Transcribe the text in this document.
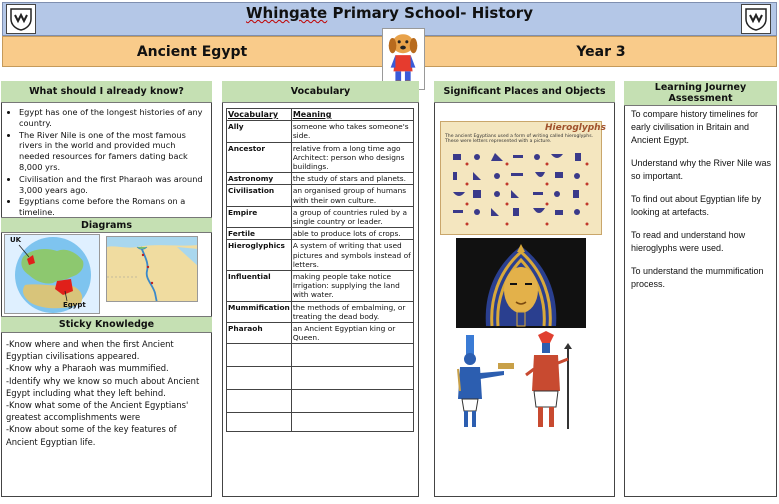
Whingate Primary School- History
Ancient Egypt	Year 3
What should I already know?
• Egypt has one of the longest histories of any country.
• The River Nile is one of the most famous rivers in the world and provided much needed resources for famers dating back 8,000 yrs.
• Civilisation and the first Pharaoh was around 3,000 years ago.
• Egyptians come before the Romans on a timeline.
Diagrams
UK
Egypt
Sticky Knowledge
-Know where and when the first Ancient Egyptian civilisations appeared.
-Know why a Pharaoh was mummified.
-Identify why we know so much about Ancient Egypt including what they left behind.
-Know what some of the Ancient Egyptians' greatest accomplishments were
-Know about some of the key features of Ancient Egyptian life.
Vocabulary
Vocabulary	Meaning
Ally	someone who takes someone's side.
Ancestor	relative from a long time ago Architect: person who designs buildings.
Astronomy	the study of stars and planets.
Civilisation	an organised group of humans with their own culture.
Empire	a group of countries ruled by a single country or leader.
Fertile	able to produce lots of crops.
Hieroglyphics	A system of writing that used pictures and symbols instead of letters.
Influential	making people take notice Irrigation: supplying the land with water.
Mummification	the methods of embalming, or treating the dead body.
Pharaoh	an Ancient Egyptian king or Queen.

Significant Places and Objects
Hieroglyphs
The ancient Egyptians used a form of writing called hieroglyphs. These were letters represented with a picture.
Learning Journey Assessment

To compare history timelines for early civilisation in Britain and Ancient Egypt.

Understand why the River Nile was so important.

To find out about Egyptian life by looking at artefacts.

To read and understand how hieroglyphs were used.

To understand the mummification process.
